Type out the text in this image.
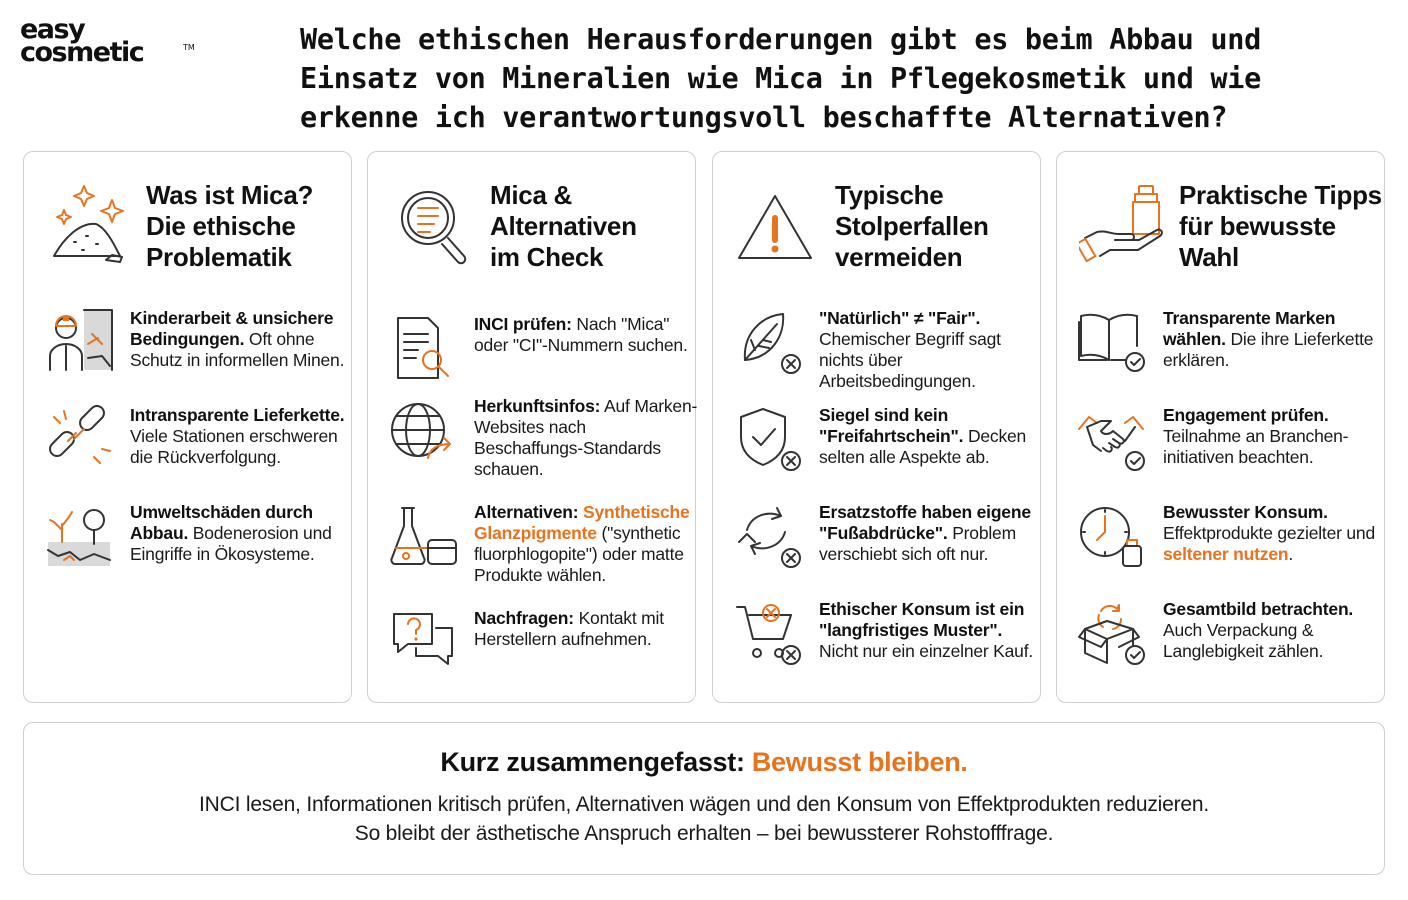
easy
cosmetic	TM	Welche ethischen Herausforderungen gibt es beim Abbau und Einsatz von Mineralien wie Mica in Pflegekosmetik und wie erkenne ich verantwortungsvoll beschaffte Alternativen?
Was ist Mica?
Die ethische
Problematik
Kinderarbeit & unsichere Bedingungen. Oft ohne Schutz in informellen Minen.
Intransparente Lieferkette. Viele Stationen erschweren die Rückverfolgung.
Umweltschäden durch Abbau. Bodenerosion und Eingriffe in Ökosysteme.
Mica &
Alternativen
im Check
INCI prüfen: Nach "Mica" oder "CI"-Nummern suchen.
Herkunftsinfos: Auf Marken-Websites nach Beschaffungs-Standards schauen.
Alternativen: Synthetische Glanzpigmente ("synthetic fluorphlogopite") oder matte Produkte wählen.
Nachfragen: Kontakt mit Herstellern aufnehmen.
Typische
Stolperfallen
vermeiden
"Natürlich" ≠ "Fair". Chemischer Begriff sagt nichts über Arbeitsbedingungen.
Siegel sind kein "Freifahrtschein". Decken selten alle Aspekte ab.
Ersatzstoffe haben eigene "Fußabdrücke". Problem verschiebt sich oft nur.
Ethischer Konsum ist ein "langfristiges Muster". Nicht nur ein einzelner Kauf.
Praktische Tipps
für bewusste
Wahl
Transparente Marken wählen. Die ihre Lieferkette erklären.
Engagement prüfen. Teilnahme an Branchen-initiativen beachten.
Bewusster Konsum. Effektprodukte gezielter und seltener nutzen.
Gesamtbild betrachten. Auch Verpackung & Langlebigkeit zählen.
Kurz zusammengefasst: Bewusst bleiben.
INCI lesen, Informationen kritisch prüfen, Alternativen wägen und den Konsum von Effektprodukten reduzieren.
So bleibt der ästhetische Anspruch erhalten – bei bewussterer Rohstofffrage.
